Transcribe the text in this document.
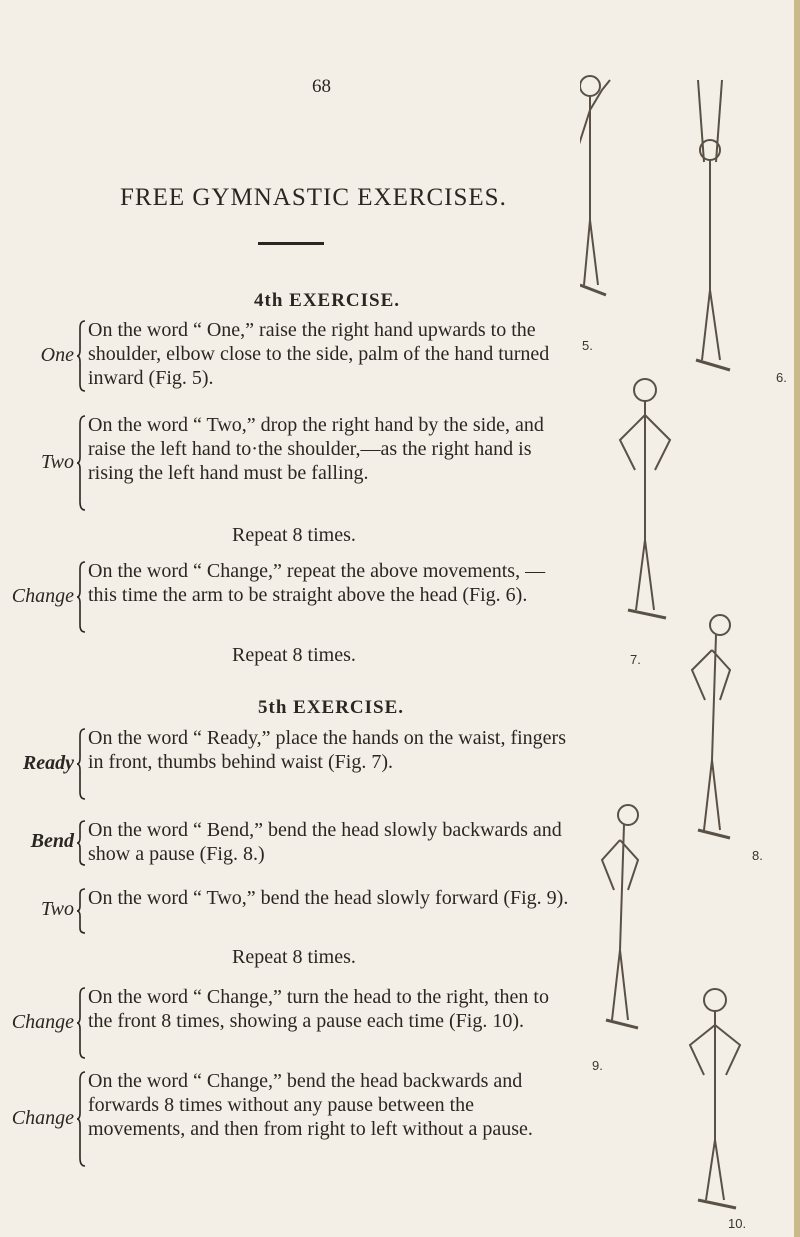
68
FREE GYMNASTIC EXERCISES.
4th EXERCISE.
One
On the word “ One,” raise the right hand upwards to the shoulder, elbow close to the side, palm of the hand turned inward (Fig. 5).
Two
On the word “ Two,” drop the right hand by the side, and raise the left hand to·the shoulder,—as the right hand is rising the left hand must be falling.
Repeat 8 times.
Change
On the word “ Change,” repeat the above movements, — this time the arm to be straight above the head (Fig. 6).
Repeat 8 times.
5th EXERCISE.
Ready
On the word “ Ready,” place the hands on the waist, fingers in front, thumbs behind waist (Fig. 7).
Bend On the word “ Bend,” bend the head slowly backwards and show a pause (Fig. 8.)
Two On the word “ Two,” bend the head slowly forward (Fig. 9).
Repeat 8 times.
Change
On the word “ Change,” turn the head to the right, then to the front 8 times, showing a pause each time (Fig. 10).
Change
On the word “ Change,” bend the head backwards and forwards 8 times without any pause between the movements, and then from right to left without a pause.
5.
6.
7.
8.
9.
10.
